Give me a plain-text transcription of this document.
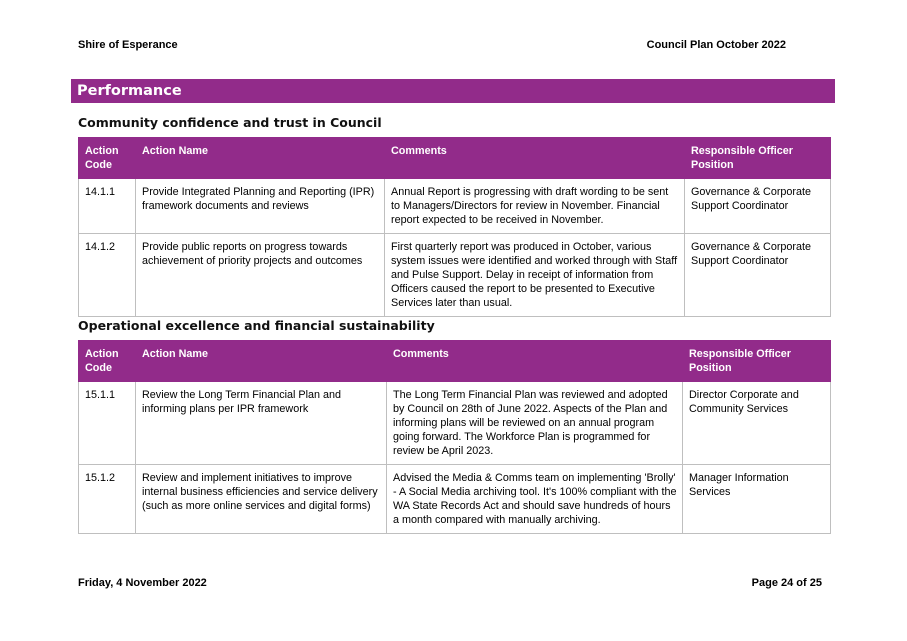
Shire of Esperance	Council Plan October 2022
Performance
Community confidence and trust in Council
Action Code	Action Name	Comments	Responsible Officer Position
14.1.1	Provide Integrated Planning and Reporting (IPR) framework documents and reviews	Annual Report is progressing with draft wording to be sent to Managers/Directors for review in November. Financial report expected to be received in November.	Governance & Corporate Support Coordinator
14.1.2	Provide public reports on progress towards achievement of priority projects and outcomes	First quarterly report was produced in October, various system issues were identified and worked through with Staff and Pulse Support. Delay in receipt of information from Officers caused the report to be presented to Executive Services later than usual.	Governance & Corporate Support Coordinator
Operational excellence and financial sustainability
Action Code	Action Name	Comments	Responsible Officer Position
15.1.1	Review the Long Term Financial Plan and informing plans per IPR framework	The Long Term Financial Plan was reviewed and adopted by Council on 28th of June 2022. Aspects of the Plan and informing plans will be reviewed on an annual program going forward. The Workforce Plan is programmed for review be April 2023.	Director Corporate and Community Services
15.1.2	Review and implement initiatives to improve internal business efficiencies and service delivery (such as more online services and digital forms)	Advised the Media & Comms team on implementing 'Brolly' - A Social Media archiving tool. It's 100% compliant with the WA State Records Act and should save hundreds of hours a month compared with manually archiving.	Manager Information Services
Friday, 4 November 2022	Page 24 of 25
